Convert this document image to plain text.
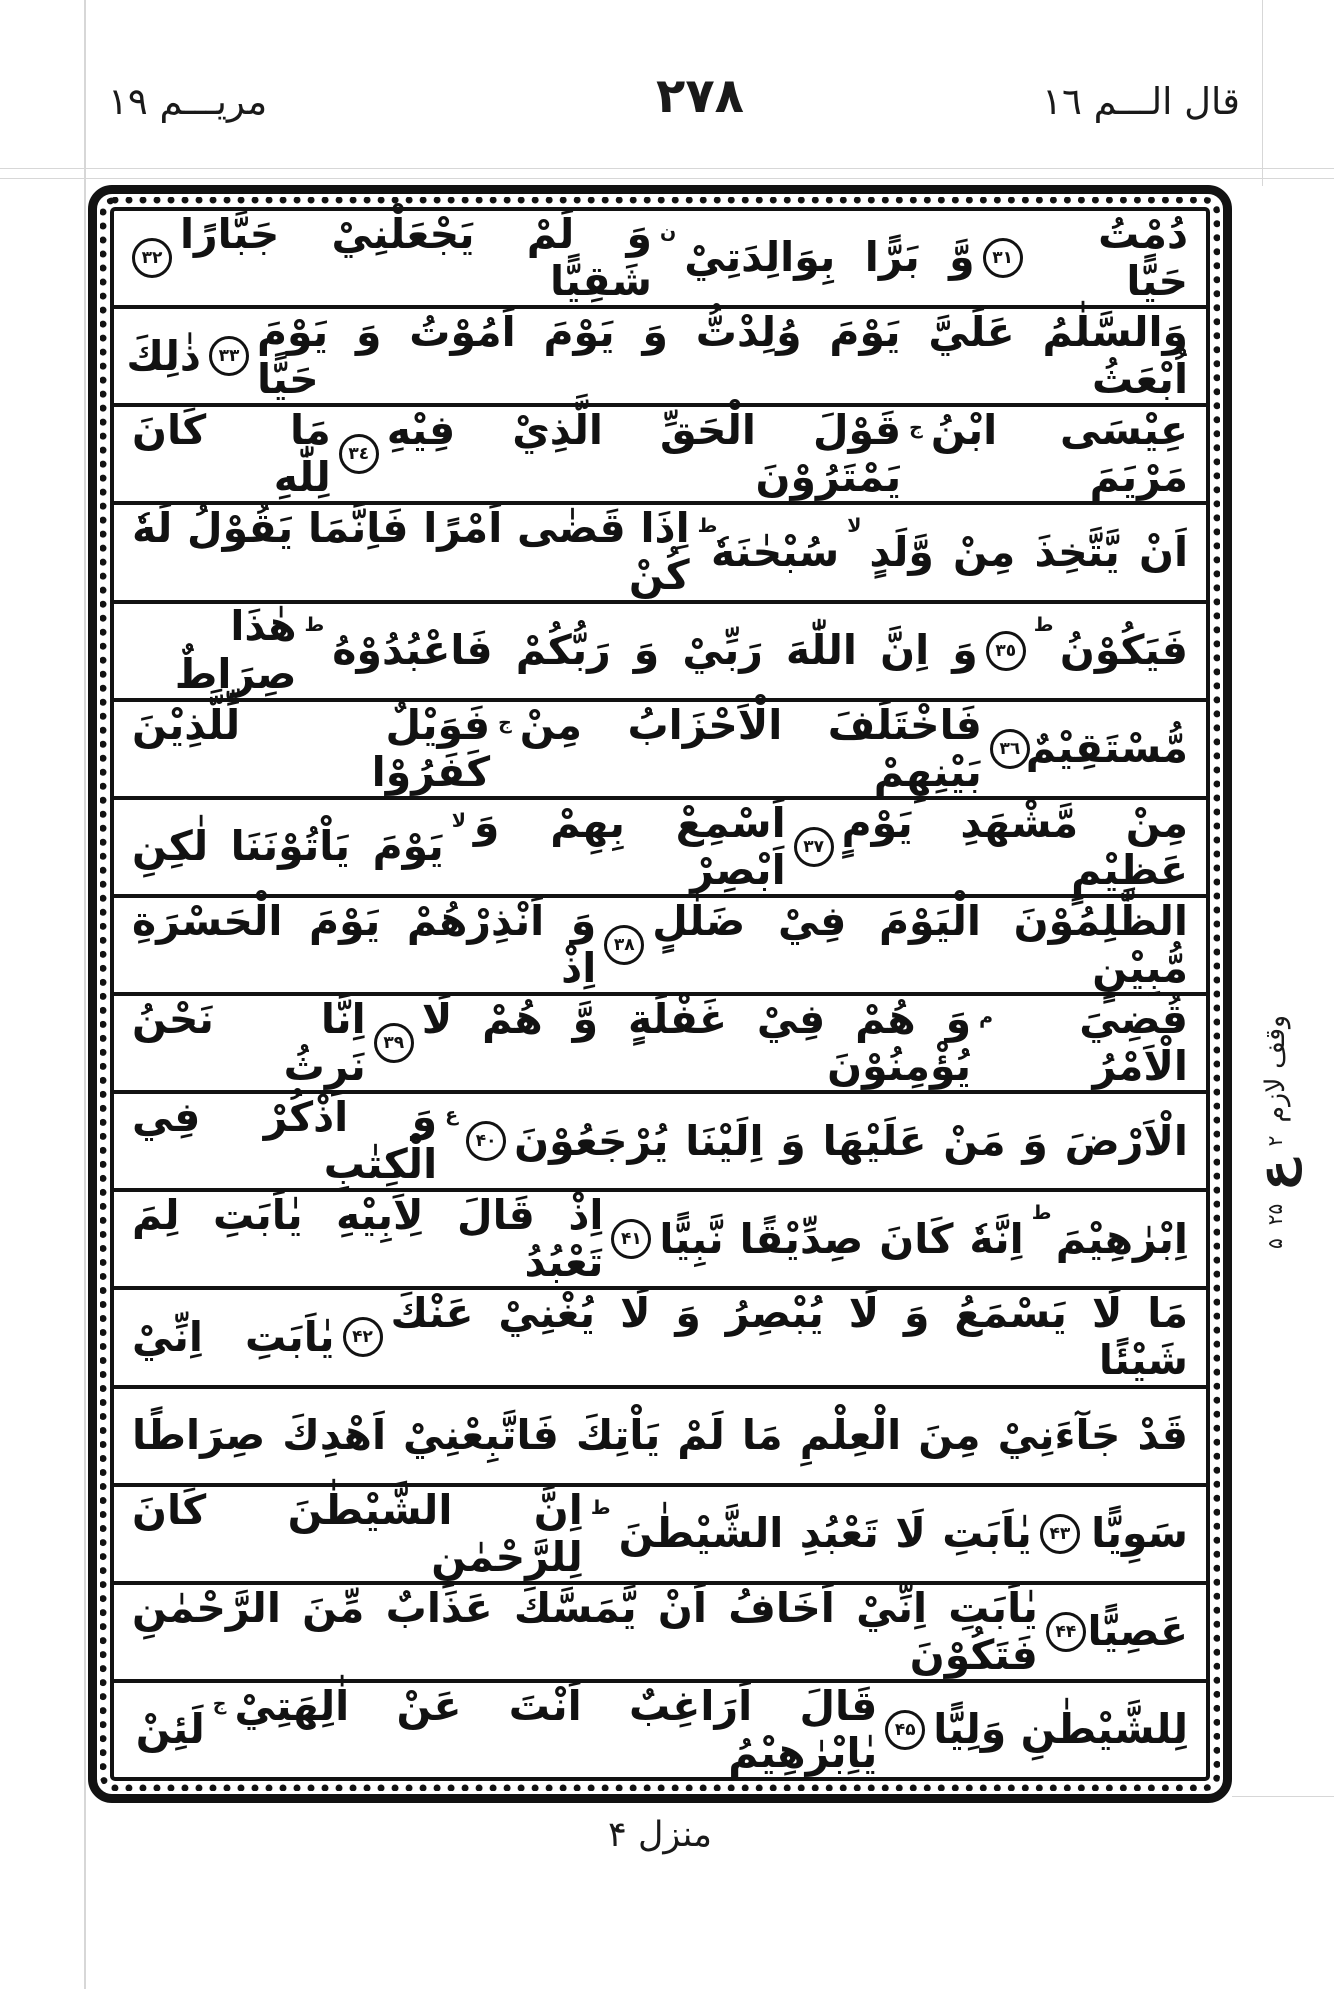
مريـــم ١٩	٢٧٨	قال الـــم ١٦
دُمْتُ حَيًّا
٣١
وَّ بَرًّا بِوَالِدَتِيْ
ن
وَ لَمْ يَجْعَلْنِيْ جَبَّارًا شَقِيًّا
٣٢
وَالسَّلٰمُ عَلَيَّ يَوْمَ وُلِدْتُّ وَ يَوْمَ اَمُوْتُ وَ يَوْمَ اُبْعَثُ حَيًّا
٣٣
ذٰلِكَ
عِيْسَى ابْنُ مَرْيَمَ
ج
قَوْلَ الْحَقِّ الَّذِيْ فِيْهِ يَمْتَرُوْنَ
٣٤
مَا كَانَ لِلّٰهِ
اَنْ يَّتَّخِذَ مِنْ وَّلَدٍ
لا
سُبْحٰنَهٗ
ط
اِذَا قَضٰى اَمْرًا فَاِنَّمَا يَقُوْلُ لَهٗ كُنْ
فَيَكُوْنُ
ط
٣٥
وَ اِنَّ اللّٰهَ رَبِّيْ وَ رَبُّكُمْ فَاعْبُدُوْهُ
ط
هٰذَا صِرَاطٌ
مُّسْتَقِيْمٌ
٣٦
فَاخْتَلَفَ الْاَحْزَابُ مِنْ بَيْنِهِمْ
ج
فَوَيْلٌ لِّلَّذِيْنَ كَفَرُوْا
مِنْ مَّشْهَدِ يَوْمٍ عَظِيْمٍ
٣٧
اَسْمِعْ بِهِمْ وَ اَبْصِرْ
لا
يَوْمَ يَاْتُوْنَنَا لٰكِنِ
الظّٰلِمُوْنَ الْيَوْمَ فِيْ ضَلٰلٍ مُّبِيْنٍ
٣٨
وَ اَنْذِرْهُمْ يَوْمَ الْحَسْرَةِ اِذْ
قُضِيَ الْاَمْرُ
م
وَ هُمْ فِيْ غَفْلَةٍ وَّ هُمْ لَا يُؤْمِنُوْنَ
٣٩
اِنَّا نَحْنُ نَرِثُ
الْاَرْضَ وَ مَنْ عَلَيْهَا وَ اِلَيْنَا يُرْجَعُوْنَ
۴٠
ع
وَ اذْكُرْ فِي الْكِتٰبِ
اِبْرٰهِيْمَ
ط
اِنَّهٗ كَانَ صِدِّيْقًا نَّبِيًّا
۴١
اِذْ قَالَ لِاَبِيْهِ يٰاَبَتِ لِمَ تَعْبُدُ
مَا لَا يَسْمَعُ وَ لَا يُبْصِرُ وَ لَا يُغْنِيْ عَنْكَ شَيْئًا
۴٢
يٰاَبَتِ اِنِّيْ
قَدْ جَآءَنِيْ مِنَ الْعِلْمِ مَا لَمْ يَاْتِكَ فَاتَّبِعْنِيْ اَهْدِكَ صِرَاطًا
سَوِيًّا
۴٣
يٰاَبَتِ لَا تَعْبُدِ الشَّيْطٰنَ
ط
اِنَّ الشَّيْطٰنَ كَانَ لِلرَّحْمٰنِ
عَصِيًّا
۴۴
يٰاَبَتِ اِنِّيْ اَخَافُ اَنْ يَّمَسَّكَ عَذَابٌ مِّنَ الرَّحْمٰنِ فَتَكُوْنَ
لِلشَّيْطٰنِ وَلِيًّا
۴۵
قَالَ اَرَاغِبٌ اَنْتَ عَنْ اٰلِهَتِيْ يٰاِبْرٰهِيْمُ
ج
لَئِنْ
وقف لازم
٢
ع
٢۵
۵
منزل ۴
